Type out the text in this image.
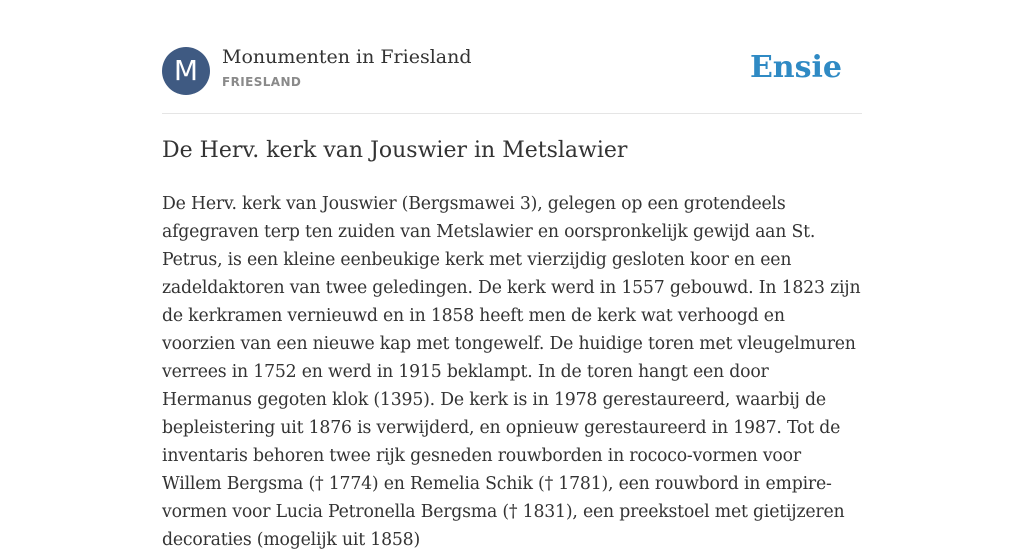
M	Monumenten in Friesland
FRIESLAND	Ensie
De Herv. kerk van Jouswier in Metslawier

De Herv. kerk van Jouswier (Bergsmawei 3), gelegen op een grotendeels afgegraven terp ten zuiden van Metslawier en oorspronkelijk gewijd aan St. Petrus, is een kleine eenbeukige kerk met vierzijdig gesloten koor en een zadeldaktoren van twee geledingen. De kerk werd in 1557 gebouwd. In 1823 zijn de kerkramen vernieuwd en in 1858 heeft men de kerk wat verhoogd en voorzien van een nieuwe kap met tongewelf. De huidige toren met vleugelmuren verrees in 1752 en werd in 1915 beklampt. In de toren hangt een door Hermanus gegoten klok (1395). De kerk is in 1978 gerestaureerd, waarbij de bepleistering uit 1876 is verwijderd, en opnieuw gerestaureerd in 1987. Tot de inventaris behoren twee rijk gesneden rouwborden in rococo-vormen voor Willem Bergsma († 1774) en Remelia Schik († 1781), een rouwbord in empire-vormen voor Lucia Petronella Bergsma († 1831), een preekstoel met gietijzeren decoraties (mogelijk uit 1858)
